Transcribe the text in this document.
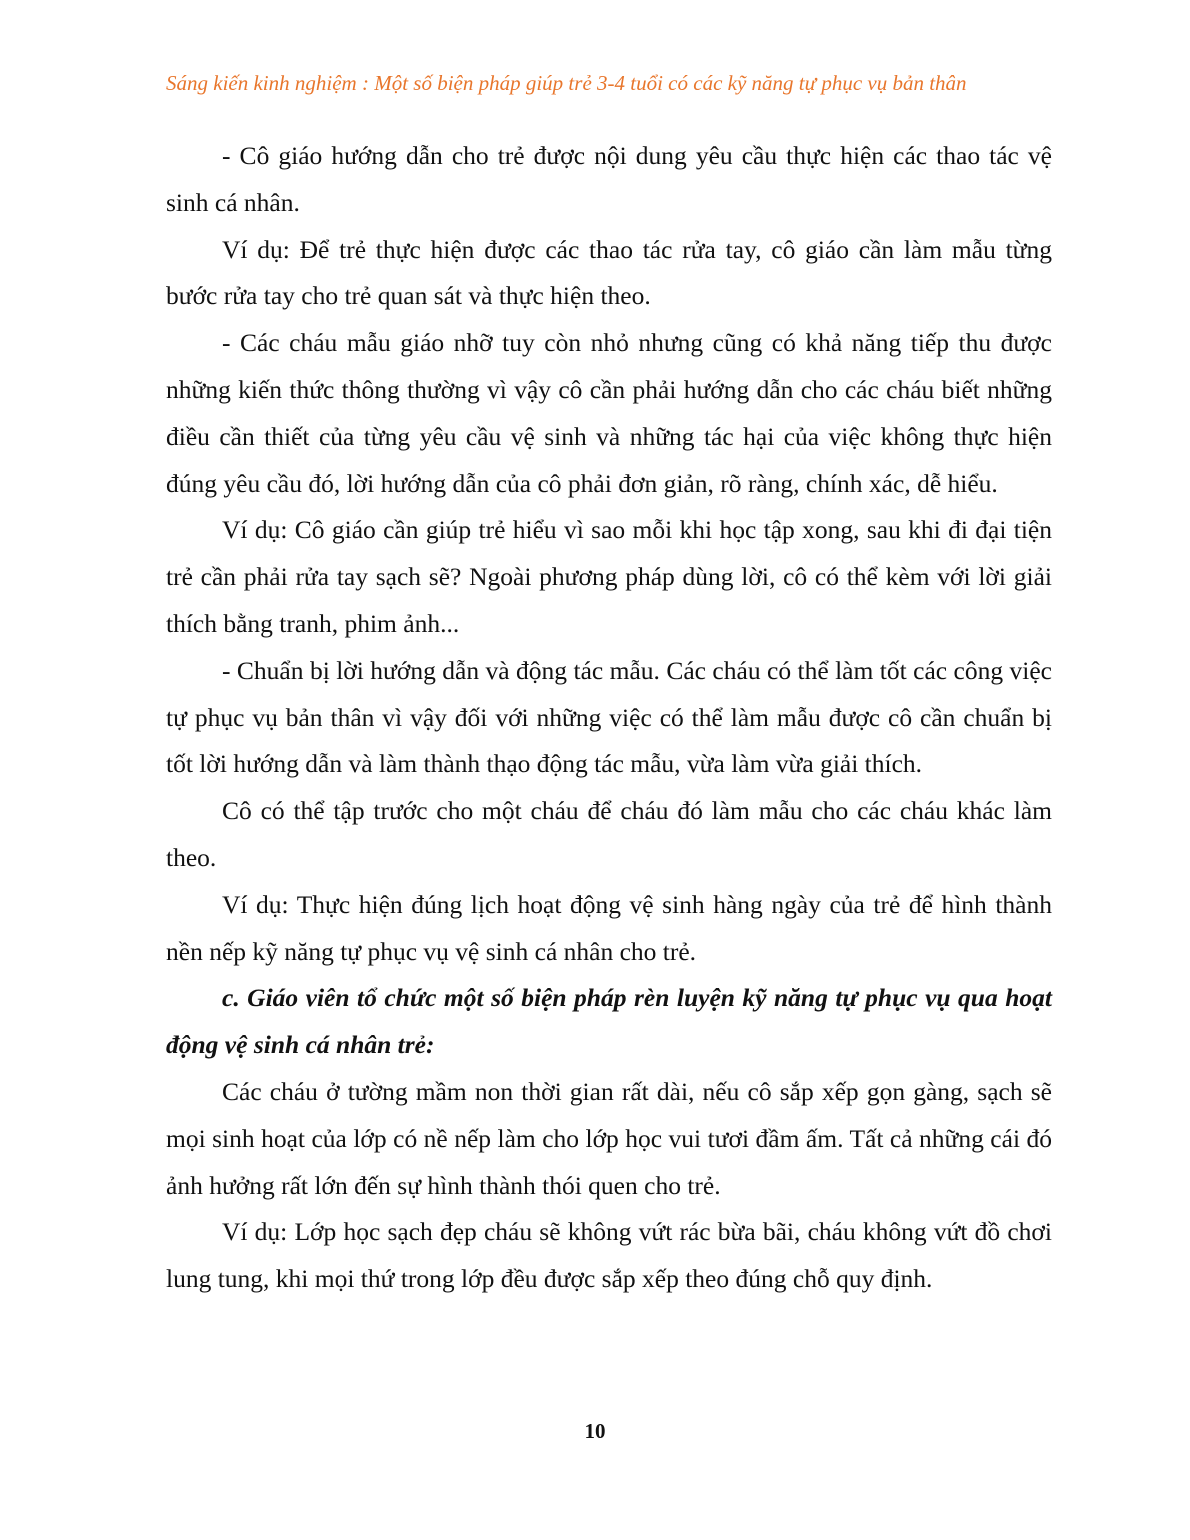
Sáng kiến kinh nghiệm : Một số biện pháp giúp trẻ 3-4 tuổi có các kỹ năng tự phục vụ bản thân

- Cô giáo hướng dẫn cho trẻ được nội dung yêu cầu thực hiện các thao tác vệ sinh cá nhân.

Ví dụ: Để trẻ thực hiện được các thao tác rửa tay, cô giáo cần làm mẫu từng bước rửa tay cho trẻ quan sát và thực hiện theo.

- Các cháu mẫu giáo nhỡ tuy còn nhỏ nhưng cũng có khả năng tiếp thu được những kiến thức thông thường vì vậy cô cần phải hướng dẫn cho các cháu biết những điều cần thiết của từng yêu cầu vệ sinh và những tác hại của việc không thực hiện đúng yêu cầu đó, lời hướng dẫn của cô phải đơn giản, rõ ràng, chính xác, dễ hiểu.

Ví dụ: Cô giáo cần giúp trẻ hiểu vì sao mỗi khi học tập xong, sau khi đi đại tiện trẻ cần phải rửa tay sạch sẽ? Ngoài phương pháp dùng lời, cô có thể kèm với lời giải thích bằng tranh, phim ảnh...

- Chuẩn bị lời hướng dẫn và động tác mẫu. Các cháu có thể làm tốt các công việc tự phục vụ bản thân vì vậy đối với những việc có thể làm mẫu được cô cần chuẩn bị tốt lời hướng dẫn và làm thành thạo động tác mẫu, vừa làm vừa giải thích.

Cô có thể tập trước cho một cháu để cháu đó làm mẫu cho các cháu khác làm theo.

Ví dụ: Thực hiện đúng lịch hoạt động vệ sinh hàng ngày của trẻ để hình thành nền nếp kỹ năng tự phục vụ vệ sinh cá nhân cho trẻ.

c. Giáo viên tổ chức một số biện pháp rèn luyện kỹ năng tự phục vụ qua hoạt động vệ sinh cá nhân trẻ:

Các cháu ở tường mầm non thời gian rất dài, nếu cô sắp xếp gọn gàng, sạch sẽ mọi sinh hoạt của lớp có nề nếp làm cho lớp học vui tươi đầm ấm. Tất cả những cái đó ảnh hưởng rất lớn đến sự hình thành thói quen cho trẻ.

Ví dụ: Lớp học sạch đẹp cháu sẽ không vứt rác bừa bãi, cháu không vứt đồ chơi lung tung, khi mọi thứ trong lớp đều được sắp xếp theo đúng chỗ quy định.

10
